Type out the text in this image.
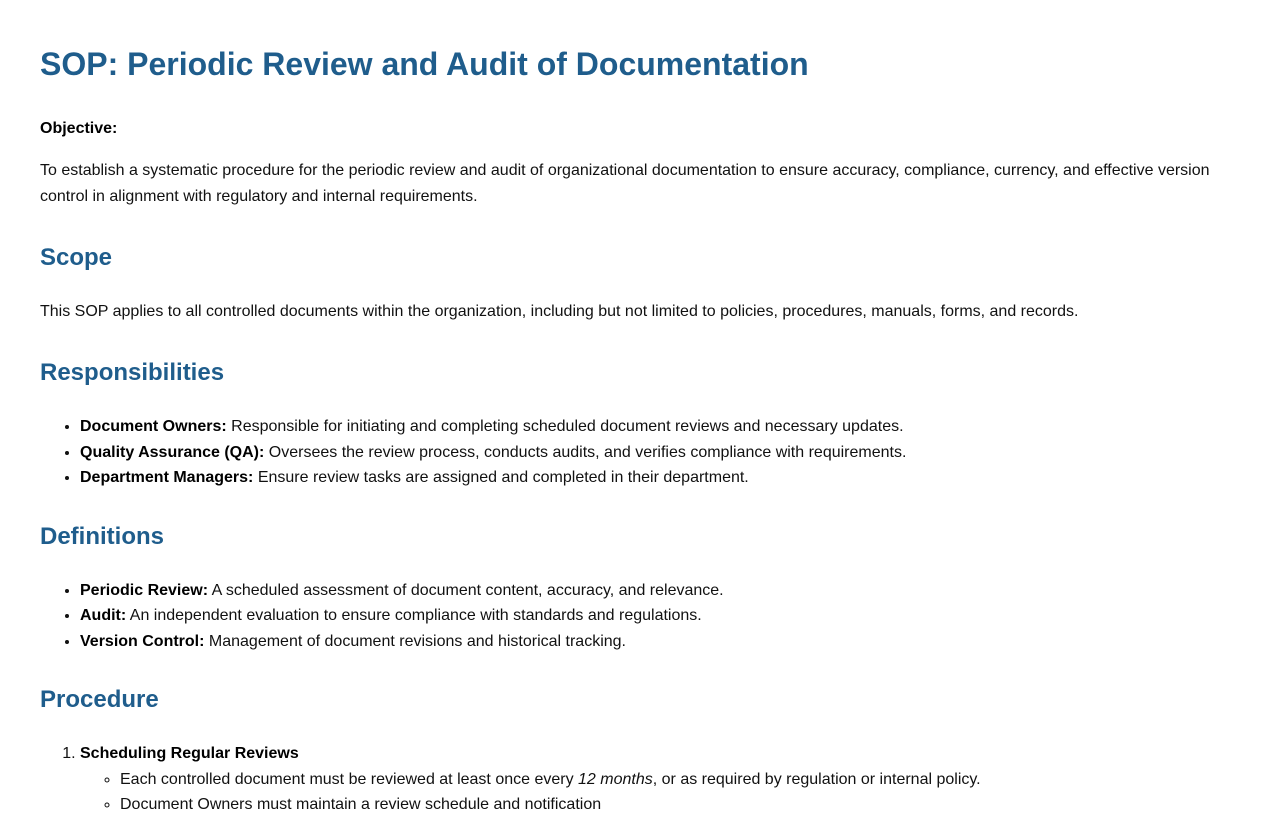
SOP: Periodic Review and Audit of Documentation

Objective:

To establish a systematic procedure for the periodic review and audit of organizational documentation to ensure accuracy, compliance, currency, and effective version control in alignment with regulatory and internal requirements.

Scope

This SOP applies to all controlled documents within the organization, including but not limited to policies, procedures, manuals, forms, and records.

Responsibilities
• Document Owners: Responsible for initiating and completing scheduled document reviews and necessary updates.
• Quality Assurance (QA): Oversees the review process, conducts audits, and verifies compliance with requirements.
• Department Managers: Ensure review tasks are assigned and completed in their department.
Definitions
• Periodic Review: A scheduled assessment of document content, accuracy, and relevance.
• Audit: An independent evaluation to ensure compliance with standards and regulations.
• Version Control: Management of document revisions and historical tracking.
Procedure
1. Scheduling Regular Reviews
◦ Each controlled document must be reviewed at least once every 12 months, or as required by regulation or internal policy.
◦ Document Owners must maintain a review schedule and notification
